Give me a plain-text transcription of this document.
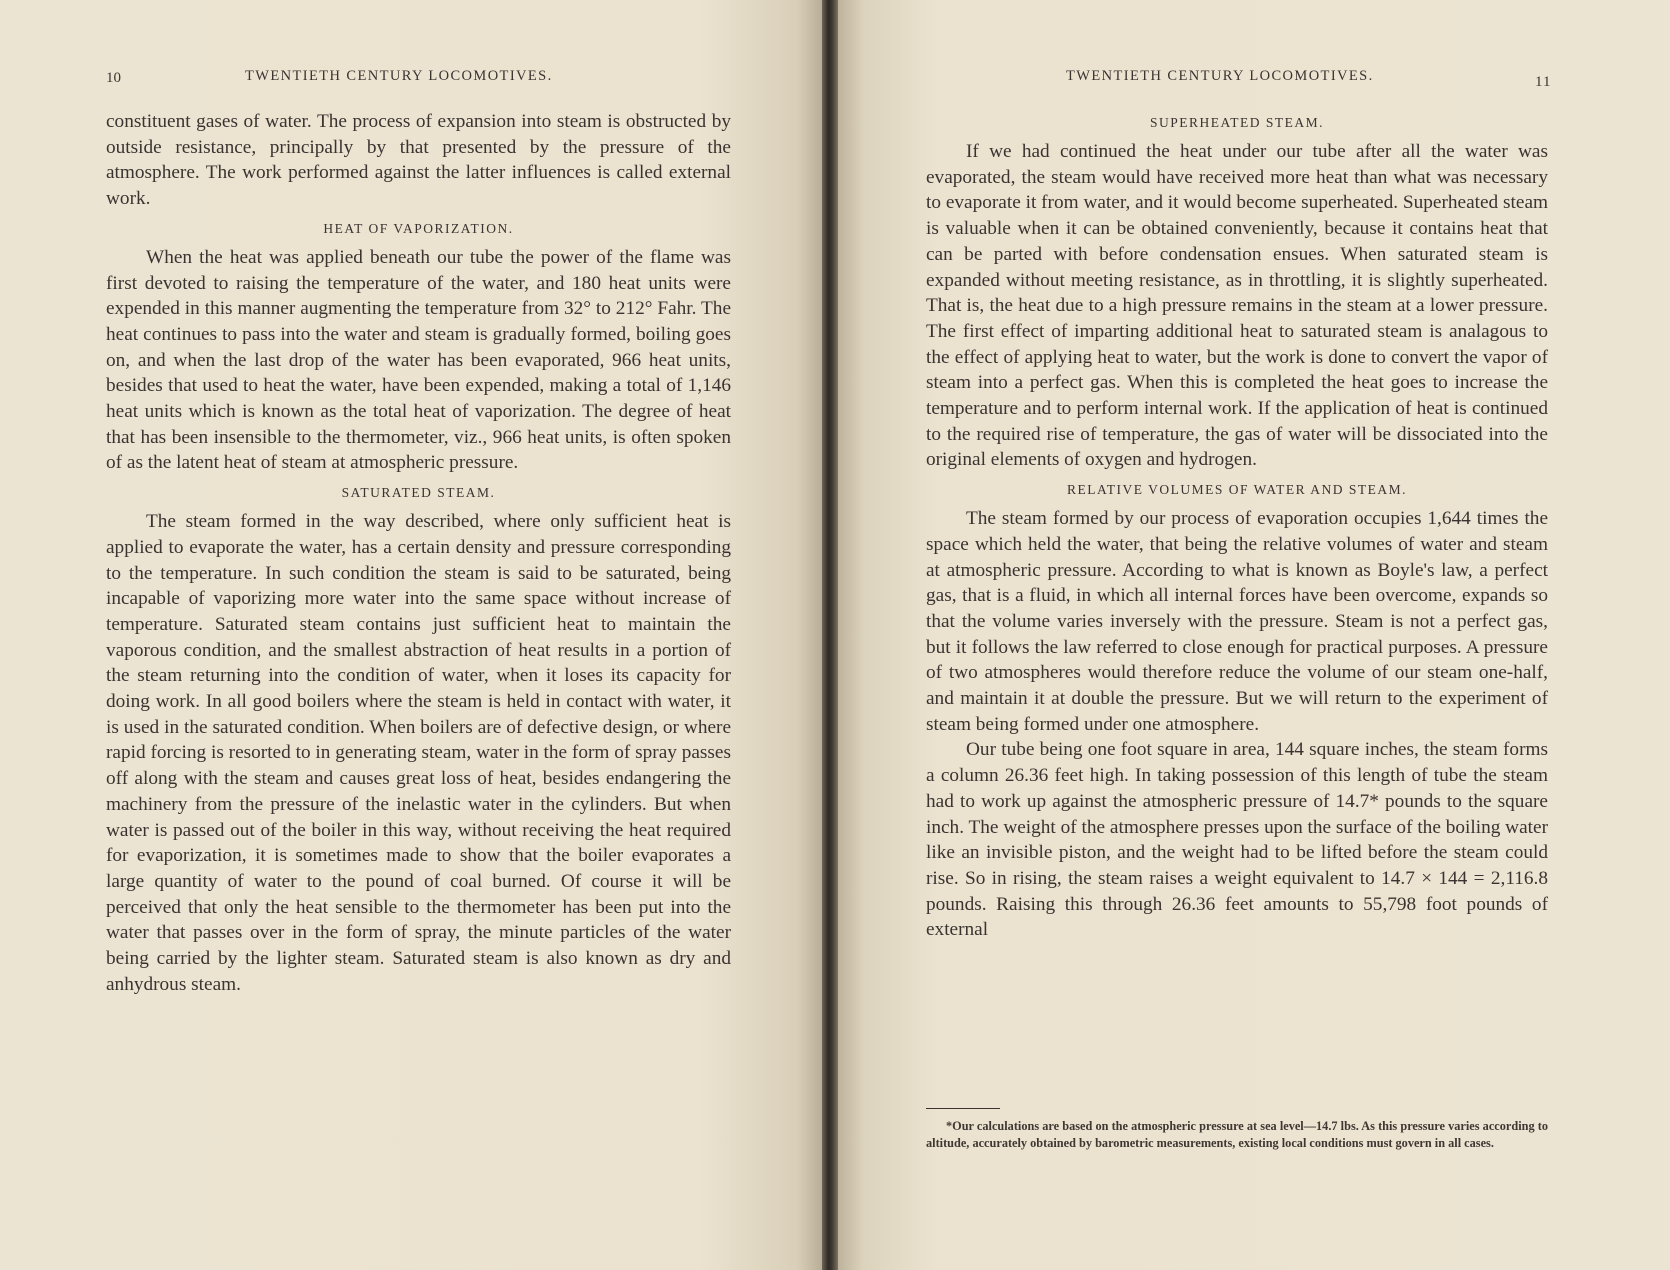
10	TWENTIETH CENTURY LOCOMOTIVES.

constituent gases of water. The process of expansion into steam is obstructed by outside resistance, principally by that presented by the pressure of the atmosphere. The work performed against the latter influences is called external work.

HEAT OF VAPORIZATION.

When the heat was applied beneath our tube the power of the flame was first devoted to raising the temperature of the water, and 180 heat units were expended in this manner augmenting the temperature from 32° to 212° Fahr. The heat continues to pass into the water and steam is gradually formed, boiling goes on, and when the last drop of the water has been evaporated, 966 heat units, besides that used to heat the water, have been expended, making a total of 1,146 heat units which is known as the total heat of vaporization. The degree of heat that has been insensible to the thermometer, viz., 966 heat units, is often spoken of as the latent heat of steam at atmospheric pressure.

SATURATED STEAM.

The steam formed in the way described, where only sufficient heat is applied to evaporate the water, has a certain density and pressure corresponding to the temperature. In such condition the steam is said to be saturated, being incapable of vaporizing more water into the same space without increase of temperature. Saturated steam contains just sufficient heat to maintain the vaporous condition, and the smallest abstraction of heat results in a portion of the steam returning into the condition of water, when it loses its capacity for doing work. In all good boilers where the steam is held in contact with water, it is used in the saturated condition. When boilers are of defective design, or where rapid forcing is resorted to in generating steam, water in the form of spray passes off along with the steam and causes great loss of heat, besides endangering the machinery from the pressure of the inelastic water in the cylinders. But when water is passed out of the boiler in this way, without receiving the heat required for evaporization, it is sometimes made to show that the boiler evaporates a large quantity of water to the pound of coal burned. Of course it will be perceived that only the heat sensible to the thermometer has been put into the water that passes over in the form of spray, the minute particles of the water being carried by the lighter steam. Saturated steam is also known as dry and anhydrous steam.

TWENTIETH CENTURY LOCOMOTIVES.	11
SUPERHEATED STEAM.

If we had continued the heat under our tube after all the water was evaporated, the steam would have received more heat than what was necessary to evaporate it from water, and it would become superheated. Superheated steam is valuable when it can be obtained conveniently, because it contains heat that can be parted with before condensation ensues. When saturated steam is expanded without meeting resistance, as in throttling, it is slightly superheated. That is, the heat due to a high pressure remains in the steam at a lower pressure. The first effect of imparting additional heat to saturated steam is analagous to the effect of applying heat to water, but the work is done to convert the vapor of steam into a perfect gas. When this is completed the heat goes to increase the temperature and to perform internal work. If the application of heat is continued to the required rise of temperature, the gas of water will be dissociated into the original elements of oxygen and hydrogen.

RELATIVE VOLUMES OF WATER AND STEAM.

The steam formed by our process of evaporation occupies 1,644 times the space which held the water, that being the relative volumes of water and steam at atmospheric pressure. According to what is known as Boyle's law, a perfect gas, that is a fluid, in which all internal forces have been overcome, expands so that the volume varies inversely with the pressure. Steam is not a perfect gas, but it follows the law referred to close enough for practical purposes. A pressure of two atmospheres would therefore reduce the volume of our steam one-half, and maintain it at double the pressure. But we will return to the experiment of steam being formed under one atmosphere.

Our tube being one foot square in area, 144 square inches, the steam forms a column 26.36 feet high. In taking possession of this length of tube the steam had to work up against the atmospheric pressure of 14.7* pounds to the square inch. The weight of the atmosphere presses upon the surface of the boiling water like an invisible piston, and the weight had to be lifted before the steam could rise. So in rising, the steam raises a weight equivalent to 14.7 × 144 = 2,116.8 pounds. Raising this through 26.36 feet amounts to 55,798 foot pounds of external

*Our calculations are based on the atmospheric pressure at sea level—14.7 lbs. As this pressure varies according to altitude, accurately obtained by barometric measurements, existing local conditions must govern in all cases.
